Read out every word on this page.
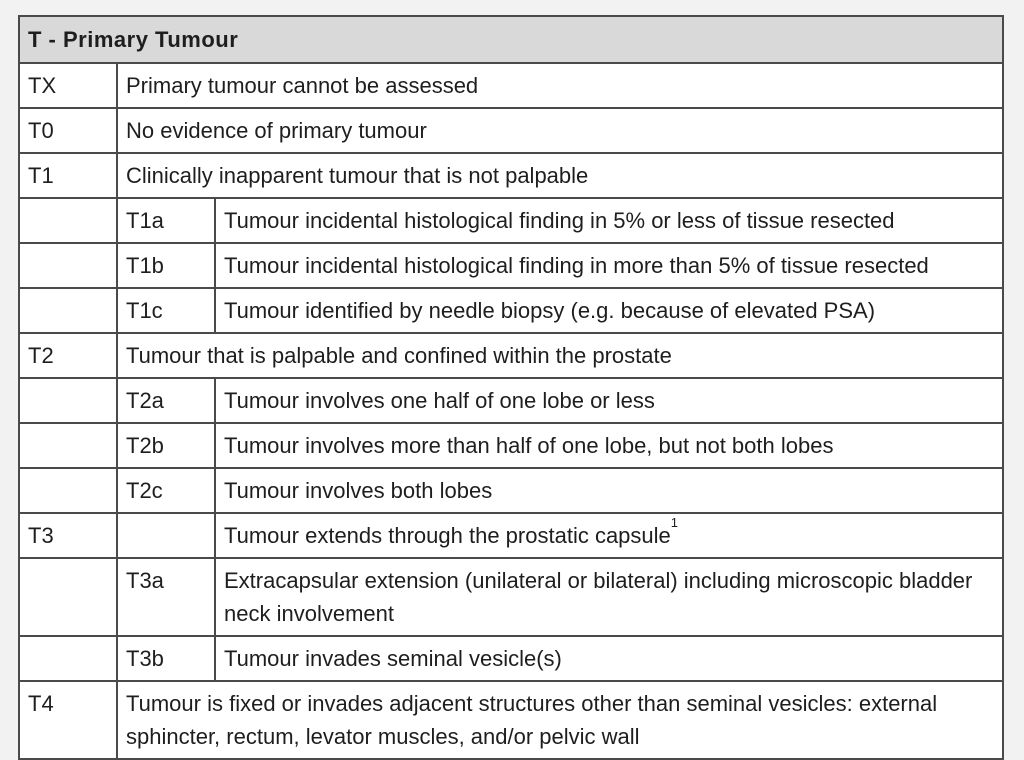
T - Primary Tumour		
TX	Primary tumour cannot be assessed	
T0	No evidence of primary tumour	
T1	Clinically inapparent tumour that is not palpable	
	T1a	Tumour incidental histological finding in 5% or less of tissue resected
	T1b	Tumour incidental histological finding in more than 5% of tissue resected
	T1c	Tumour identified by needle biopsy (e.g. because of elevated PSA)
T2	Tumour that is palpable and confined within the prostate	
	T2a	Tumour involves one half of one lobe or less
	T2b	Tumour involves more than half of one lobe, but not both lobes
	T2c	Tumour involves both lobes
T3		Tumour extends through the prostatic capsule$^1$
	T3a	Extracapsular extension (unilateral or bilateral) including microscopic bladder neck involvement
	T3b	Tumour invades seminal vesicle(s)
T4	Tumour is fixed or invades adjacent structures other than seminal vesicles: external sphincter, rectum, levator muscles, and/or pelvic wall	
